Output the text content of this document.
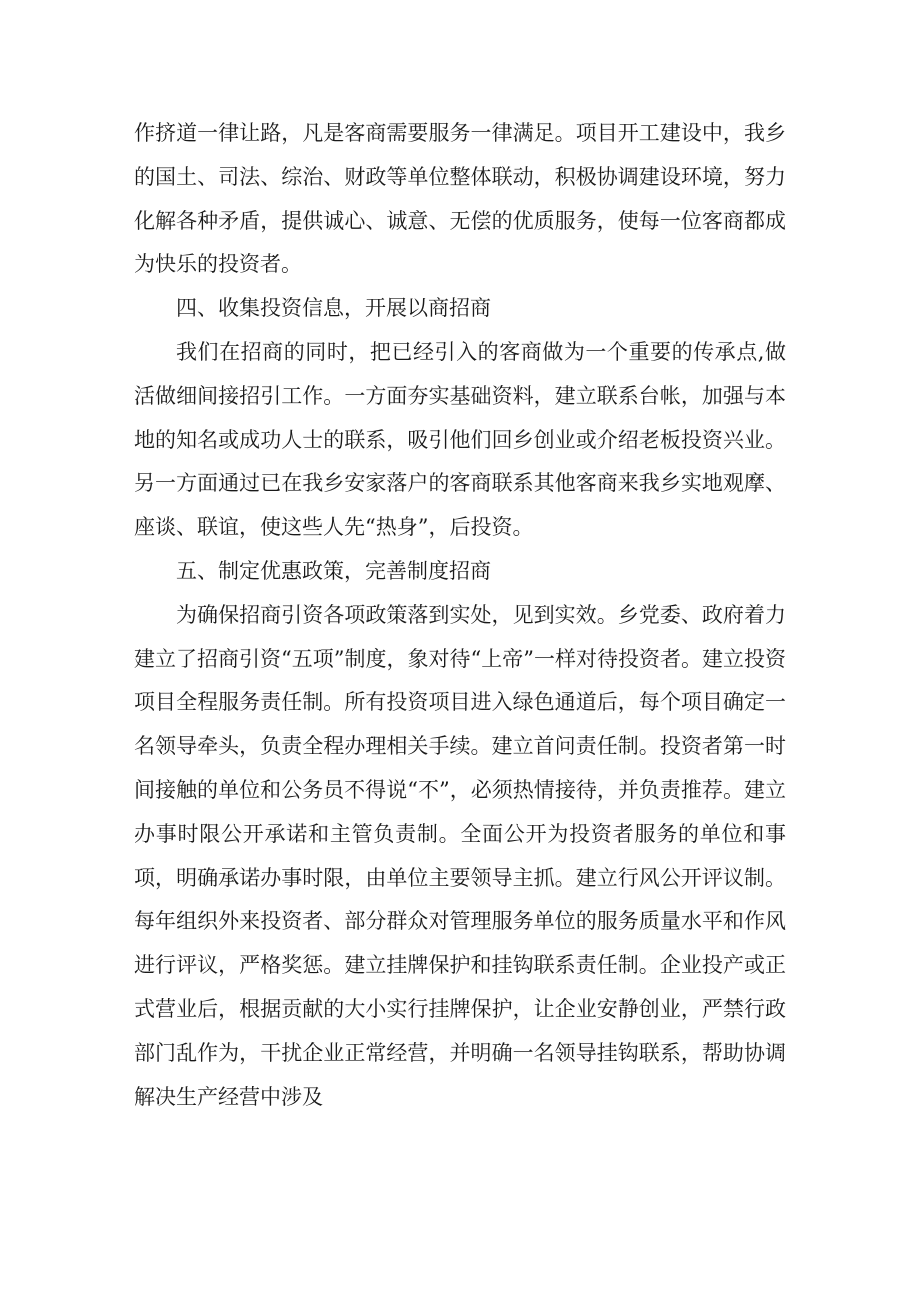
作挤道一律让路，凡是客商需要服务一律满足。项目开工建设中，我乡的国土、司法、综治、财政等单位整体联动，积极协调建设环境，努力化解各种矛盾，提供诚心、诚意、无偿的优质服务，使每一位客商都成为快乐的投资者。

四、收集投资信息，开展以商招商

我们在招商的同时，把已经引入的客商做为一个重要的传承点,做活做细间接招引工作。一方面夯实基础资料，建立联系台帐，加强与本地的知名或成功人士的联系，吸引他们回乡创业或介绍老板投资兴业。另一方面通过已在我乡安家落户的客商联系其他客商来我乡实地观摩、座谈、联谊，使这些人先“热身”，后投资。

五、制定优惠政策，完善制度招商

为确保招商引资各项政策落到实处，见到实效。乡党委、政府着力建立了招商引资“五项”制度，象对待“上帝”一样对待投资者。建立投资项目全程服务责任制。所有投资项目进入绿色通道后，每个项目确定一名领导牵头，负责全程办理相关手续。建立首问责任制。投资者第一时间接触的单位和公务员不得说“不”，必须热情接待，并负责推荐。建立办事时限公开承诺和主管负责制。全面公开为投资者服务的单位和事项，明确承诺办事时限，由单位主要领导主抓。建立行风公开评议制。每年组织外来投资者、部分群众对管理服务单位的服务质量水平和作风进行评议，严格奖惩。建立挂牌保护和挂钩联系责任制。企业投产或正式营业后，根据贡献的大小实行挂牌保护，让企业安静创业，严禁行政部门乱作为，干扰企业正常经营，并明确一名领导挂钩联系，帮助协调解决生产经营中涉及
